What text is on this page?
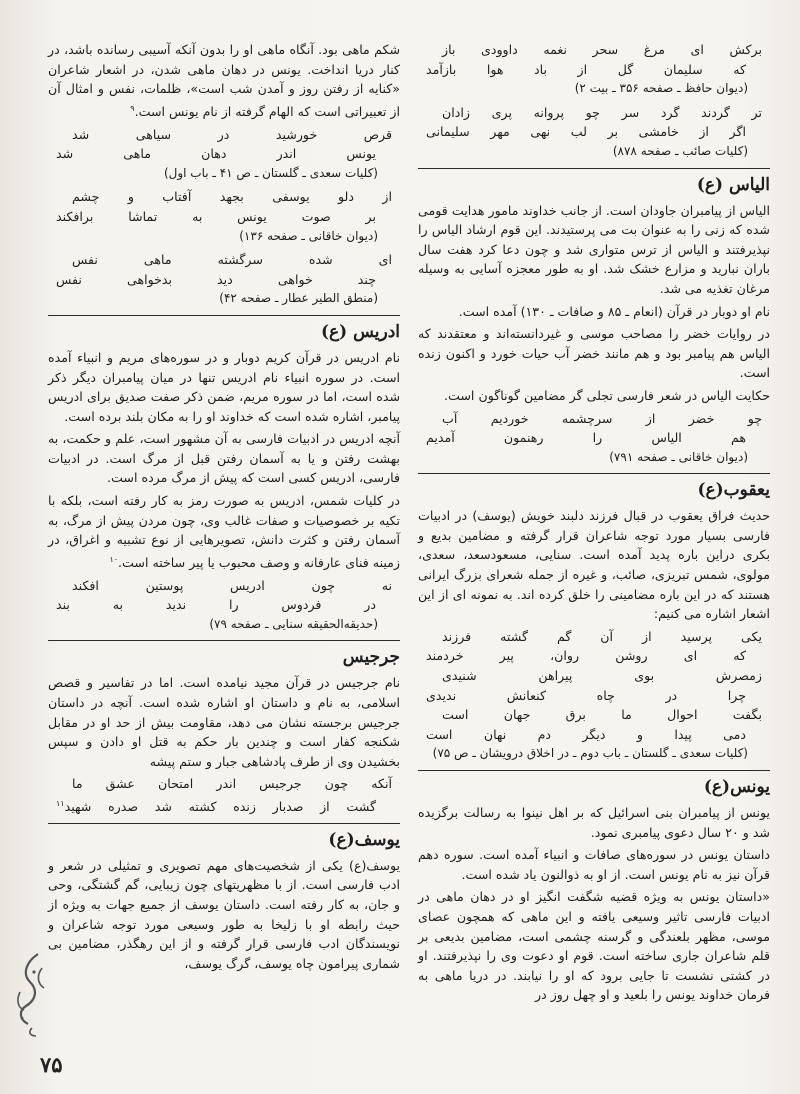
برکش ای مرغ سحر نغمه داوودی باز
که سلیمان گل از باد هوا بازآمد
(دیوان حافظ ـ صفحه ۳۵۶ ـ بیت ۲)
تر گردند گرد سر چو پروانه پری زادان
اگر از خامشی بر لب نهی مهر سلیمانی
(کلیات صائب ـ صفحه ۸۷۸)
الیاس (ع)

الیاس از پیامبران جاودان است. از جانب خداوند مامور هدایت قومی شده که زنی را به عنوان بت می پرستیدند. این قوم ارشاد الیاس را نپذیرفتند و الیاس از ترس متواری شد و چون دعا کرد هفت سال باران نبارید و مزارع خشک شد. او به طور معجزه آسایی به وسیله مرغان تغذیه می شد.

نام او دوبار در قرآن (انعام ـ ۸۵ و صافات ـ ۱۳۰) آمده است.

در روایات خضر را مصاحب موسی و غیردانسته‌اند و معتقدند که الیاس هم پیامبر بود و هم مانند خضر آب حیات خورد و اکنون زنده است.

حکایت الیاس در شعر فارسی تجلی گر مضامین گوناگون است.

چو خضر از سرچشمه خوردیم آب
هم الیاس را رهنمون آمدیم
(دیوان خاقانی ـ صفحه ۷۹۱)
یعقوب(ع)

حدیث فراق یعقوب در قبال فرزند دلبند خویش (یوسف) در ادبیات فارسی بسیار مورد توجه شاعران قرار گرفته و مضامین بدیع و بکری دراین باره پدید آمده است. سنایی، مسعودسعد، سعدی، مولوی، شمس تبریزی، صائب، و غیره از جمله شعرای بزرگ ایرانی هستند که در این باره مضامینی را خلق کرده اند. به نمونه ای از این اشعار اشاره می کنیم:

یکی پرسید از آن گم گشته فرزند
که ای روشن روان، پیر خردمند
زمصرش بوی پیراهن شنیدی
چرا در چاه کنعانش ندیدی
بگفت احوال ما برق جهان است
دمی پیدا و دیگر دم نهان است
(کلیات سعدی ـ گلستان ـ باب دوم ـ در اخلاق درویشان ـ ص ۷۵)
یونس(ع)

یونس از پیامبران بنی اسرائیل که بر اهل نینوا به رسالت برگزیده شد و ۲۰ سال دعوی پیامبری نمود.

داستان یونس در سوره‌های صافات و انبیاء آمده است. سوره دهم قرآن نیز به نام یونس است. از او به ذوالنون یاد شده است.

«داستان یونس به ویژه قضیه شگفت انگیز او در دهان ماهی در ادبیات فارسی تاثیر وسیعی یافته و این ماهی که همچون عصای موسی، مظهر بلعندگی و گرسنه چشمی است، مضامین بدیعی بر قلم شاعران جاری ساخته است. قوم او دعوت وی را نپذیرفتند. او در کشتی نشست تا جایی برود که او را نیابند. در دریا ماهی به فرمان خداوند یونس را بلعید و او چهل روز در

شکم ماهی بود. آنگاه ماهی او را بدون آنکه آسیبی رسانده باشد، در کنار دریا انداخت. یونس در دهان ماهی شدن، در اشعار شاعران «کنایه از رفتن روز و آمدن شب است»، ظلمات، نفس و امثال آن از تعبیراتی است که الهام گرفته از نام یونس است.$^۹$

قرص خورشید در سیاهی شد
یونس اندر دهان ماهی شد
(کلیات سعدی ـ گلستان ـ ص ۴۱ ـ باب اول)
از دلو یوسفی بجهد آفتاب و چشم
بر صوت یونس به تماشا برافکند
(دیوان خاقانی ـ صفحه ۱۳۶)
ای شده سرگشته ماهی نفس
چند خواهی دید بدخواهی نفس
(منطق الطیر عطار ـ صفحه ۴۲)
ادریس (ع)

نام ادریس در قرآن کریم دوبار و در سوره‌های مریم و انبیاء آمده است. در سوره انبیاء نام ادریس تنها در میان پیامبران دیگر ذکر شده است، اما در سوره مریم، ضمن ذکر صفت صدیق برای ادریس پیامبر، اشاره شده است که خداوند او را به مکان بلند برده است.

آنچه ادریس در ادبیات فارسی به آن مشهور است، علم و حکمت، به بهشت رفتن و یا به آسمان رفتن قبل از مرگ است. در ادبیات فارسی، ادریس کسی است که پیش از مرگ مرده است.

در کلیات شمس، ادریس به صورت رمز به کار رفته است، بلکه با تکیه بر خصوصیات و صفات غالب وی، چون مردن پیش از مرگ، به آسمان رفتن و کثرت دانش، تصویرهایی از نوع تشبیه و اغراق، در زمینه فنای عارفانه و وصف محبوب یا پیر ساخته است.$^{۱۰}$

نه چون ادریس پوستین افکند
در فردوس را ندید به بند
(حدیقه‌الحقیقه سنایی ـ صفحه ۷۹)
جرجیس

نام جرجیس در قرآن مجید نیامده است. اما در تفاسیر و قصص اسلامی، به نام و داستان او اشاره شده است. آنچه در داستان جرجیس برجسته نشان می دهد، مقاومت بیش از حد او در مقابل شکنجه کفار است و چندین بار حکم به قتل او دادن و سپس بخشیدن وی از طرف پادشاهی جبار و ستم پیشه

آنکه چون جرجیس اندر امتحان عشق ما
گشت از صدبار زنده کشته شد صدره شهید$^{۱۱}$
یوسف(ع)

یوسف(ع) یکی از شخصیت‌های مهم تصویری و تمثیلی در شعر و ادب فارسی است. از با مظهریتهای چون زیبایی، گم گشتگی، وحی و جان، به کار رفته است. داستان یوسف از جمیع جهات به ویژه از حیث رابطه او با زلیخا به طور وسیعی مورد توجه شاعران و نویسندگان ادب فارسی قرار گرفته و از این رهگذر، مضامین بی شماری پیرامون چاه یوسف، گرگ یوسف،

۷۵
